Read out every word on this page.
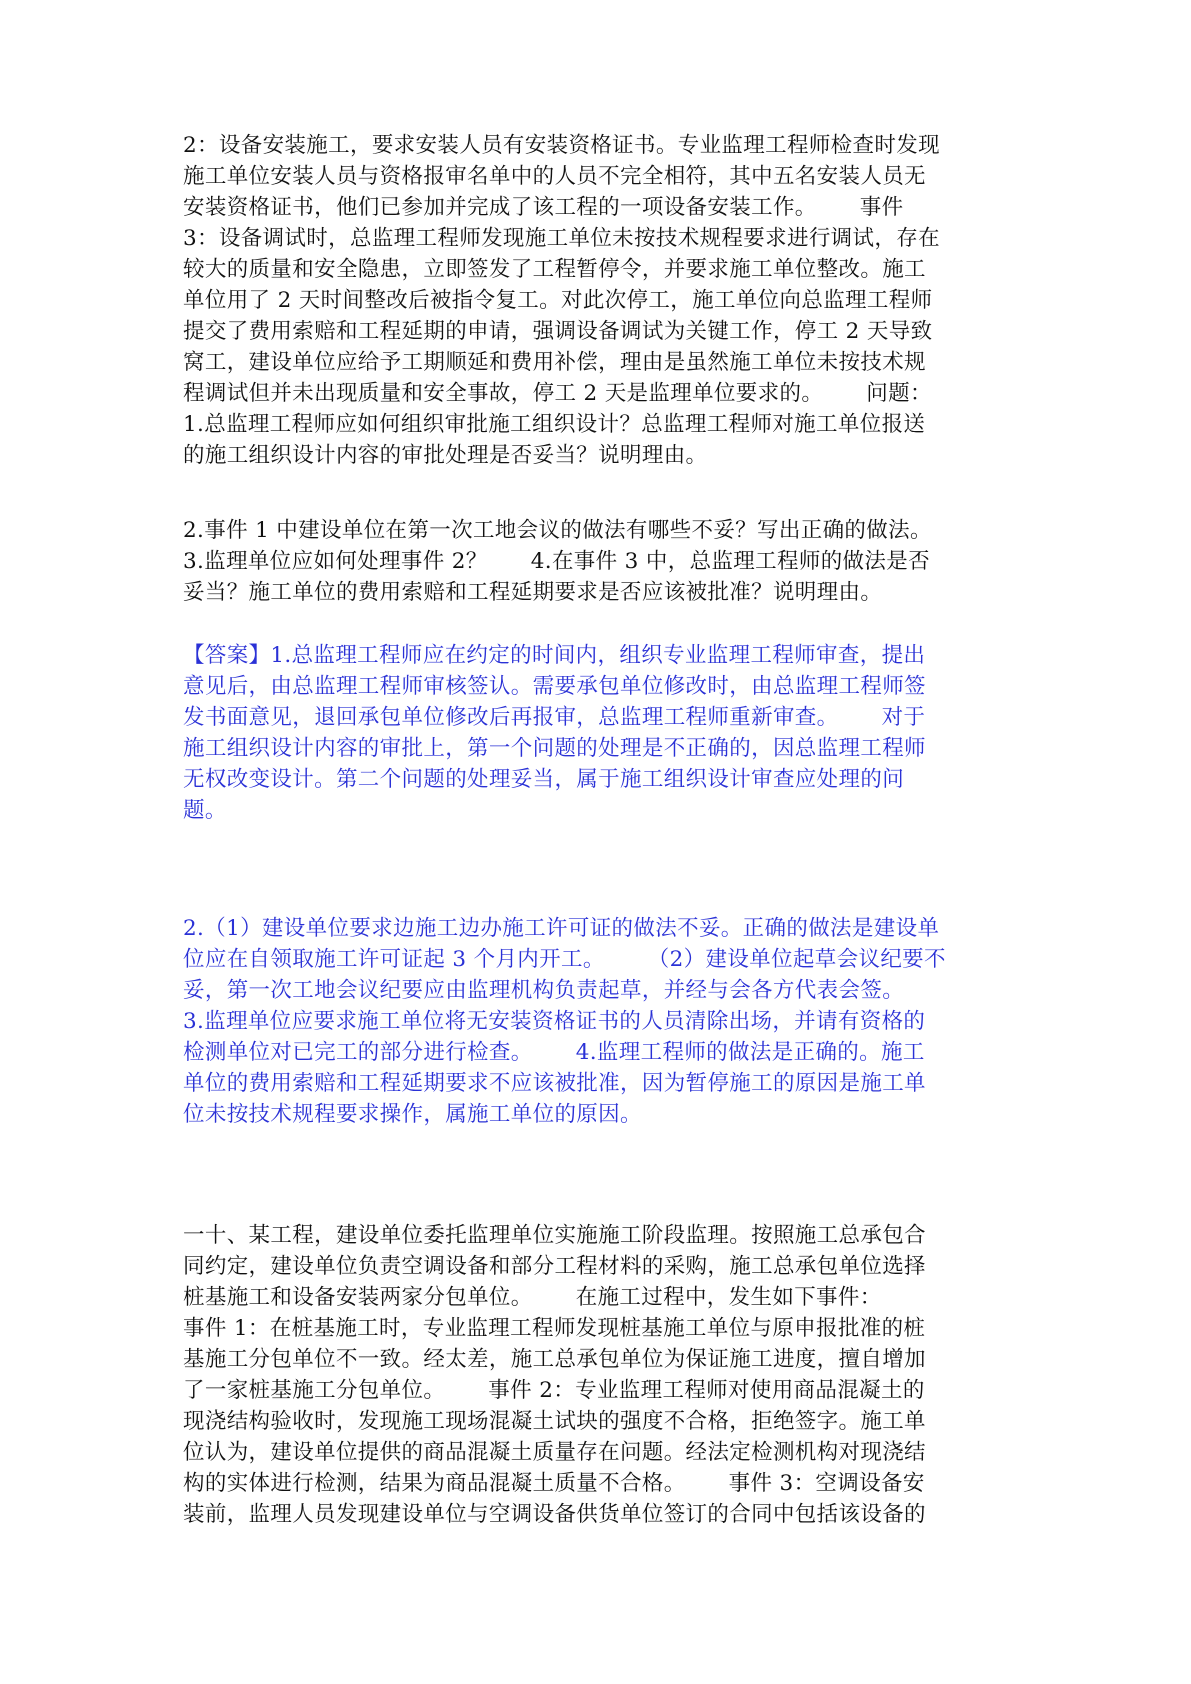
2：设备安装施工，要求安装人员有安装资格证书。专业监理工程师检查时发现
施工单位安装人员与资格报审名单中的人员不完全相符，其中五名安装人员无
安装资格证书，他们已参加并完成了该工程的一项设备安装工作。      事件
3：设备调试时，总监理工程师发现施工单位未按技术规程要求进行调试，存在
较大的质量和安全隐患，立即签发了工程暂停令，并要求施工单位整改。施工
单位用了 2 天时间整改后被指令复工。对此次停工，施工单位向总监理工程师
提交了费用索赔和工程延期的申请，强调设备调试为关键工作，停工 2 天导致
窝工，建设单位应给予工期顺延和费用补偿，理由是虽然施工单位未按技术规
程调试但并未出现质量和安全事故，停工 2 天是监理单位要求的。      问题：
1.总监理工程师应如何组织审批施工组织设计？总监理工程师对施工单位报送
的施工组织设计内容的审批处理是否妥当？说明理由。
2.事件 1 中建设单位在第一次工地会议的做法有哪些不妥？写出正确的做法。
3.监理单位应如何处理事件 2？      4.在事件 3 中，总监理工程师的做法是否
妥当？施工单位的费用索赔和工程延期要求是否应该被批准？说明理由。
【答案】1.总监理工程师应在约定的时间内，组织专业监理工程师审查，提出
意见后，由总监理工程师审核签认。需要承包单位修改时，由总监理工程师签
发书面意见，退回承包单位修改后再报审，总监理工程师重新审查。      对于
施工组织设计内容的审批上，第一个问题的处理是不正确的，因总监理工程师
无权改变设计。第二个问题的处理妥当，属于施工组织设计审查应处理的问
题。
2.（1）建设单位要求边施工边办施工许可证的做法不妥。正确的做法是建设单
位应在自领取施工许可证起 3 个月内开工。      （2）建设单位起草会议纪要不
妥，第一次工地会议纪要应由监理机构负责起草，并经与会各方代表会签。
3.监理单位应要求施工单位将无安装资格证书的人员清除出场，并请有资格的
检测单位对已完工的部分进行检查。      4.监理工程师的做法是正确的。施工
单位的费用索赔和工程延期要求不应该被批准，因为暂停施工的原因是施工单
位未按技术规程要求操作，属施工单位的原因。
一十、某工程，建设单位委托监理单位实施施工阶段监理。按照施工总承包合
同约定，建设单位负责空调设备和部分工程材料的采购，施工总承包单位选择
桩基施工和设备安装两家分包单位。      在施工过程中，发生如下事件：
事件 1：在桩基施工时，专业监理工程师发现桩基施工单位与原申报批准的桩
基施工分包单位不一致。经太差，施工总承包单位为保证施工进度，擅自增加
了一家桩基施工分包单位。      事件 2：专业监理工程师对使用商品混凝土的
现浇结构验收时，发现施工现场混凝土试块的强度不合格，拒绝签字。施工单
位认为，建设单位提供的商品混凝土质量存在问题。经法定检测机构对现浇结
构的实体进行检测，结果为商品混凝土质量不合格。      事件 3：空调设备安
装前，监理人员发现建设单位与空调设备供货单位签订的合同中包括该设备的
